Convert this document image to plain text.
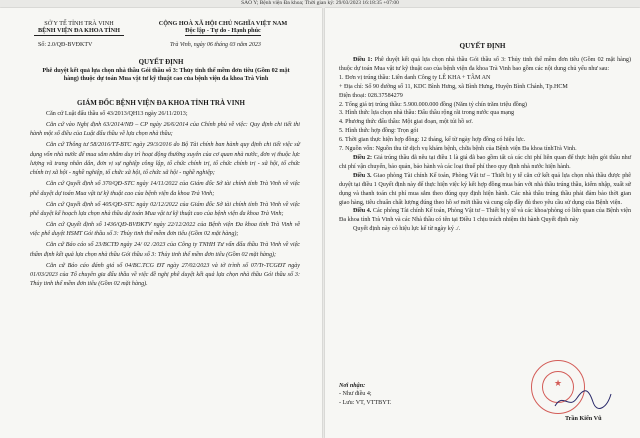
SAO Y; Bệnh viện Đa khoa; Thời gian ký: 29/03/2023 16:18:35 +07:00
SỞ Y TẾ TỈNH TRÀ VINH

BỆNH VIỆN ĐA KHOA TỈNH
CỘNG HOÀ XÃ HỘI CHỦ NGHĨA VIỆT NAM
Độc lập - Tự do - Hạnh phúc
Số: 2.0/QĐ-BVĐKTV	Trà Vinh, ngày 06 tháng 03 năm 2023
QUYẾT ĐỊNH
Phê duyệt kết quả lựa chọn nhà thầu Gói thầu số 3: Thủy tinh thể mềm đơn tiêu (Gồm 02 mặt hàng) thuộc dự toán Mua vật tư kỹ thuật cao của bệnh viện đa khoa Trà Vinh
GIÁM ĐỐC BỆNH VIỆN ĐA KHOA TỈNH TRÀ VINH

Căn cứ Luật đấu thầu số 43/2013/QH13 ngày 26/11/2013;

Căn cứ vào Nghị định 63/2014/NĐ – CP ngày 26/6/2014 của Chính phủ về việc: Quy định chi tiết thi hành một số điều của Luật đấu thầu về lựa chọn nhà thầu;

Căn cứ Thông tư 58/2016/TT-BTC ngày 29/3/2016 do Bộ Tài chính ban hành quy định chi tiết việc sử dụng vốn nhà nước để mua sắm nhằm duy trì hoạt động thường xuyên của cơ quan nhà nước, đơn vị thuộc lực lượng vũ trang nhân dân, đơn vị sự nghiệp công lập, tổ chức chính trị, tổ chức chính trị - xã hội, tổ chức chính trị xã hội - nghề nghiệp, tổ chức xã hội, tổ chức xã hội - nghề nghiệp;

Căn cứ Quyết định số 370/QĐ-STC ngày 14/11/2022 của Giám đốc Sở tài chính tỉnh Trà Vinh về việc phê duyệt dự toán Mua vật tư kỹ thuật cao của bệnh viện đa khoa Trà Vinh;

Căn cứ Quyết định số 405/QĐ-STC ngày 02/12/2022 của Giám đốc Sở tài chính tỉnh Trà Vinh về việc phê duyệt kế hoạch lựa chọn nhà thầu dự toán Mua vật tư kỹ thuật cao của bệnh viện đa khoa Trà Vinh;

Căn cứ Quyết định số 1436/QĐ-BVĐKTV ngày 22/12/2022 của Bệnh viện Đa khoa tỉnh Trà Vinh về việc phê duyệt HSMT Gói thầu số 3: Thủy tinh thể mềm đơn tiêu (Gồm 02 mặt hàng);

Căn cứ Báo cáo số 23/BCTĐ ngày 24/ 02 /2023 của Công ty TNHH Tư vấn đấu thầu Trà Vinh về việc thẩm định kết quả lựa chọn nhà thầu Gói thầu số 3: Thủy tinh thể mềm đơn tiêu (Gồm 02 mặt hàng);

Căn cứ Báo cáo đánh giá số 04/BC.TCG ĐT ngày 27/02/2023 và tờ trình số 07/Tr-TCGĐT ngày 01/03/2023 của Tổ chuyên gia đấu thầu về việc đề nghị phê duyệt kết quả lựa chọn nhà thầu Gói thầu số 3: Thủy tinh thể mềm đơn tiêu (Gồm 02 mặt hàng).

QUYẾT ĐỊNH

Điều 1: Phê duyệt kết quả lựa chọn nhà thầu Gói thầu số 3: Thủy tinh thể mềm đơn tiêu (Gồm 02 mặt hàng) thuộc dự toán Mua vật tư kỹ thuật cao của bệnh viện đa khoa Trà Vinh bao gồm các nội dung chủ yếu như sau:

1. Đơn vị trúng thầu: Liên danh Công ty LÊ KHA + TÂM AN

+ Địa chỉ: Số 90 đường số 11, KDC Bình Hưng, xã Bình Hưng, Huyện Bình Chánh, Tp.HCM

Điện thoại: 028.37584279

2. Tổng giá trị trúng thầu: 5.900.000.000 đồng (Năm tỷ chín trăm triệu đồng)

3. Hình thức lựa chọn nhà thầu: Đấu thầu rộng rãi trong nước qua mạng

4. Phương thức đấu thầu: Một giai đoạn, một túi hồ sơ.

5. Hình thức hợp đồng: Trọn gói

6. Thời gian thực hiện hợp đồng: 12 tháng, kể từ ngày hợp đồng có hiệu lực.

7. Nguồn vốn: Nguồn thu từ dịch vụ khám bệnh, chữa bệnh của Bệnh viện Đa khoa tỉnhTrà Vinh.

Điều 2: Giá trúng thầu đã nêu tại điều 1 là giá đã bao gồm tất cả các chi phí liên quan để thực hiện gói thầu như chi phí vận chuyển, bảo quản, bảo hành và các loại thuế phí theo quy định nhà nước hiện hành.

Điều 3. Giao phòng Tài chính Kế toán, Phòng Vật tư – Thiết bị y tế căn cứ kết quả lựa chọn nhà thầu được phê duyệt tại điều 1 Quyết định này để thực hiện việc ký kết hợp đồng mua bán với nhà thầu trúng thầu, kiểm nhập, xuất sử dụng và thanh toán chi phí mua sắm theo đúng quy định hiện hành. Các nhà thầu trúng thầu phải đảm bảo thời gian giao hàng, tiêu chuẩn chất lượng đúng theo hồ sơ mời thầu và cung cấp đầy đủ theo yêu cầu sử dụng của Bệnh viện.

Điều 4. Các phòng Tài chính Kế toán, Phòng Vật tư – Thiết bị y tế và các khoa/phòng có liên quan của Bệnh viện Đa khoa tỉnh Trà Vinh và các Nhà thầu có tên tại Điều 1 chịu trách nhiệm thi hành Quyết định này

Quyết định này có hiệu lực kể từ ngày ký ./.

Nơi nhận:
- Như điều 4;
- Lưu: VT, VTTBYT.
★
Trần Kiến Vũ
